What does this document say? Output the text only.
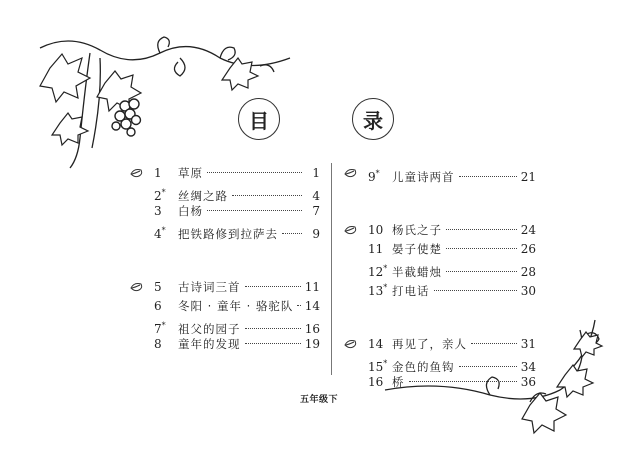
目	录
1	草原	1
2*	丝绸之路	4
3	白杨	7
4*	把铁路修到拉萨去	9
5	古诗词三首	11
6	冬阳 · 童年 · 骆驼队 14
7*	祖父的园子	16
8	童年的发现	19
9*	儿童诗两首	21
10 杨氏之子	24
11 晏子使楚	26
12* 半截蜡烛	28
13* 打电话	30
14 再见了，亲人	31
15* 金色的鱼钩	34
16 桥	36
五年级下
